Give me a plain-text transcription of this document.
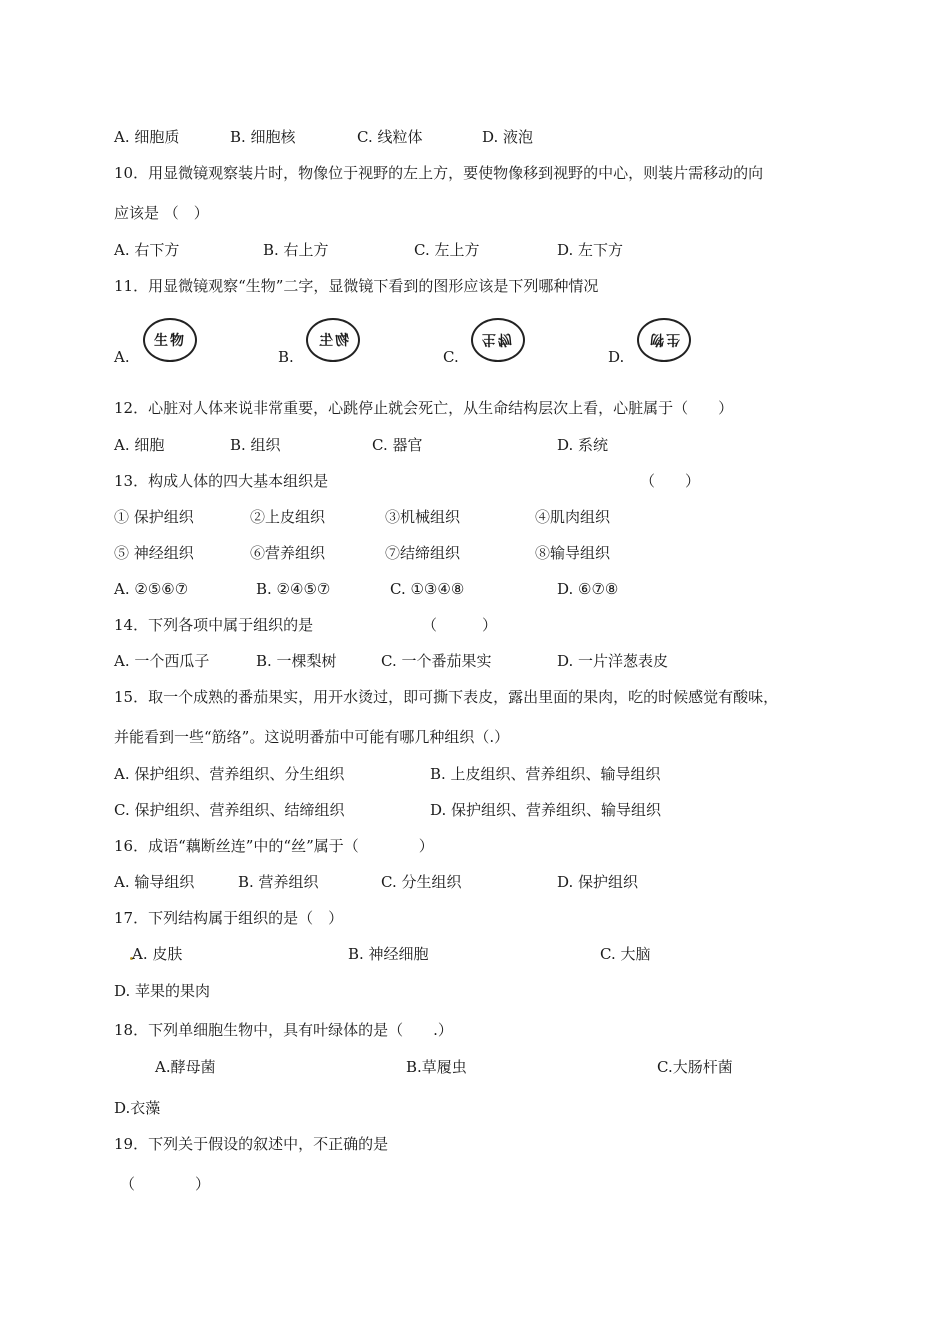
A. 细胞质	B. 细胞核	C. 线粒体	D. 液泡
10．用显微镜观察装片时，物像位于视野的左上方，要使物像移到视野的中心，则装片需移动的向
应该是 （　）
A. 右下方	B. 右上方	C. 左上方	D. 左下方
11．用显微镜观察“生物”二字，显微镜下看到的图形应该是下列哪种情况
A.
生物
B.
物生
C.
生物
D.
生物
12．心脏对人体来说非常重要，心跳停止就会死亡，从生命结构层次上看，心脏属于（　　）
A. 细胞	B. 组织	C. 器官	D. 系统
13．构成人体的四大基本组织是	（　　）
① 保护组织	②上皮组织	③机械组织	④肌肉组织
⑤ 神经组织	⑥营养组织	⑦结缔组织	⑧输导组织
A. ②⑤⑥⑦	B. ②④⑤⑦	C. ①③④⑧	D. ⑥⑦⑧
14．下列各项中属于组织的是	（　　　）
A. 一个西瓜子	B. 一棵梨树	C. 一个番茄果实	D. 一片洋葱表皮
15．取一个成熟的番茄果实，用开水烫过，即可撕下表皮，露出里面的果肉，吃的时候感觉有酸味，
并能看到一些“筋络”。这说明番茄中可能有哪几种组织（.）
A. 保护组织、营养组织、分生组织	B. 上皮组织、营养组织、输导组织
C. 保护组织、营养组织、结缔组织	D. 保护组织、营养组织、输导组织
16．成语“藕断丝连”中的“丝”属于（　　　　）
A. 输导组织	B. 营养组织	C. 分生组织	D. 保护组织
17．下列结构属于组织的是（　）
A. 皮肤	B. 神经细胞	C. 大脑
D. 苹果的果肉
18．下列单细胞生物中，具有叶绿体的是（　　.）
A.酵母菌	B.草履虫	C.大肠杆菌
D.衣藻
19．下列关于假设的叙述中，不正确的是
（　　　　）
